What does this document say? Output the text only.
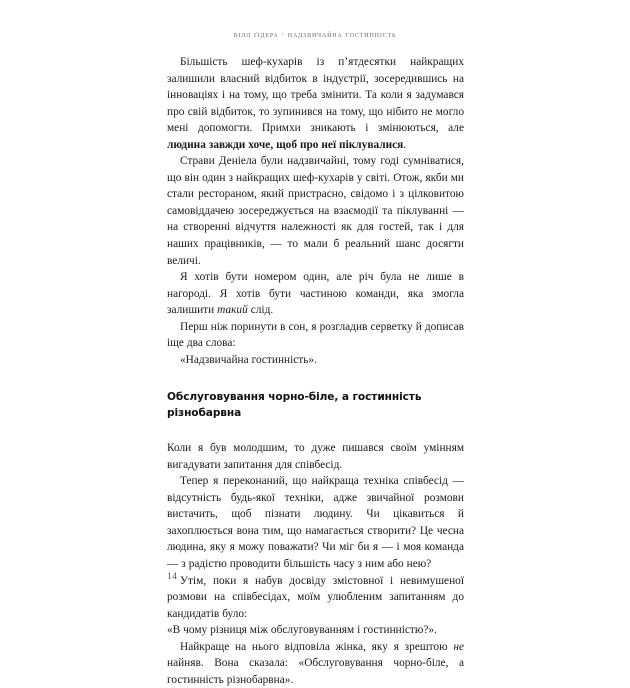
вілл ґідера · надзвичайна гостинність

Більшість шеф-кухарів із п’ятдесятки найкращих залишили власний відбиток в індустрії, зосередившись на інноваціях і на тому, що треба змінити. Та коли я задумався про свій відбиток, то зупинився на тому, що нібито не могло мені допомогти. Примхи зникають і змінюються, але людина завжди хоче, щоб про неї піклувалися.

Страви Деніела були надзвичайні, тому годі сумніватися, що він один з найкращих шеф-кухарів у світі. Отож, якби ми стали рестораном, який пристрасно, свідомо і з цілковитою самовіддачею зосереджується на взаємодії та піклуванні — на створенні відчуття належності як для гостей, так і для наших працівників, — то мали б реальний шанс досягти величі.

Я хотів бути номером один, але річ була не лише в нагороді. Я хотів бути частиною команди, яка змогла залишити такий слід.

Перш ніж поринути в сон, я розгладив серветку й дописав іще два слова:

«Надзвичайна гостинність».

Обслуговування чорно-біле, а гостинність різнобарвна

Коли я був молодшим, то дуже пишався своїм умінням вигадувати запитання для співбесід.

Тепер я переконаний, що найкраща техніка співбесід — відсутність будь-якої техніки, адже звичайної розмови вистачить, щоб пізнати людину. Чи цікавиться й захоплюється вона тим, що намагається створити? Це чесна людина, яку я можу поважати? Чи міг би я — і моя команда — з радістю проводити більшість часу з ним або нею?

Утім, поки я набув досвіду змістовної і невимушеної розмови на співбесідах, моїм улюбленим запитанням до кандидатів було:

«В чому різниця між обслуговуванням і гостинністю?».

Найкраще на нього відповіла жінка, яку я зрештою не найняв. Вона сказала: «Обслуговування чорно-біле, а гостинність різнобарвна».

14
